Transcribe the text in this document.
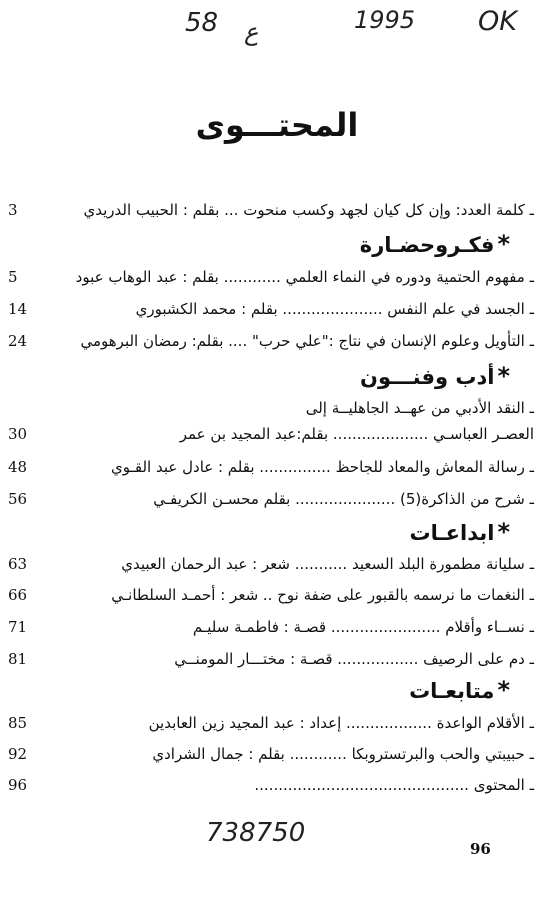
58 ع	1995 OK
المحتـــوى
ـ كلمة العدد: وإن كل كيان لجهد وكسب منحوت ... بقلم : الحبيب الدريدي
3
*فكـروحضـارة
ـ مفهوم الحتمية ودوره في النماء العلمي ............ بقلم : عبد الوهاب عبود
5
ـ الجسد في علم النفس ..................... بقلم : محمد الكشبوري
14
ـ التأويل وعلوم الإنسان في نتاج :"علي حرب" .... بقلم: رمضان البرهومي
24
*أدب وفنـــون
ـ النقد الأدبي من عهــد الجاهليــة إلى
العصـر العباسـي .................... بقلم:عبد المجيد بن عمر
30
ـ رسالة المعاش والمعاد للجاحظ ............... بقلم : عادل عبد القـوي
48
ـ شرح من الذاكرة(5) ..................... بقلم محسـن الكريفـي
56
*ابداعـات
ـ سليانة مطمورة البلد السعيد ........... شعر : عبد الرحمان العبيدي
63
ـ النغمات ما نرسمه بالقبور على ضفة نوح .. شعر : أحمـد السلطانـي
66
ـ نســاء وأقلام ....................... قصـة : فاطمـة سليـم
71
ـ دم على الرصيف ................. قصـة : مختـــار المومنــي
81
*متابعـات
ـ الأقلام الواعدة .................. إعداد : عبد المجيد زين العابدين
85
ـ حبيبتي والحب والبرتستروبكا ............ بقلم : جمال الشرادي
92
ـ المحتوى .............................................
96
738750
96
